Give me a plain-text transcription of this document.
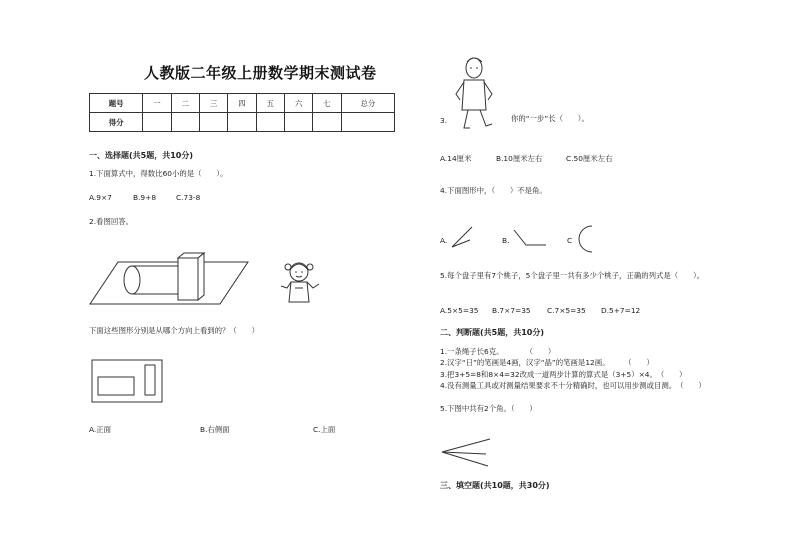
人教版二年级上册数学期末测试卷
题号	一	二	三	四	五	六	七	总分
得分								
一、选择题(共5题，共10分)
1.下面算式中，得数比60小的是（　　）。
A.9×7	B.9+8	C.73-8
2.看图回答。
下面这些图形分别是从哪个方向上看到的？（　　）
A.正面	B.右侧面	C.上面
3.	你的“一步”长（　　）。
A.14厘米	B.10厘米左右	C.50厘米左右
4.下面图形中，（　　）不是角。
A.	B.	C
5.每个盘子里有7个桃子，5个盘子里一共有多少个桃子，正确的列式是（　　）。
A.5×5=35 B.7×7=35 C.7×5=35 D.5+7=12
二、判断题(共5题，共10分)
1.一条绳子长6克。　　　　（　　）
2.汉字“日”的笔画是4画，汉字“晶”的笔画是12画。　　　（　　）
3.把3+5=8和8×4=32改成一道两步计算的算式是（3+5）×4。　（　　）
4.没有测量工具或对测量结果要求不十分精确时，也可以用步测或目测。　（　　）
5.下图中共有2个角。（　　）
三、填空题(共10题，共30分)
